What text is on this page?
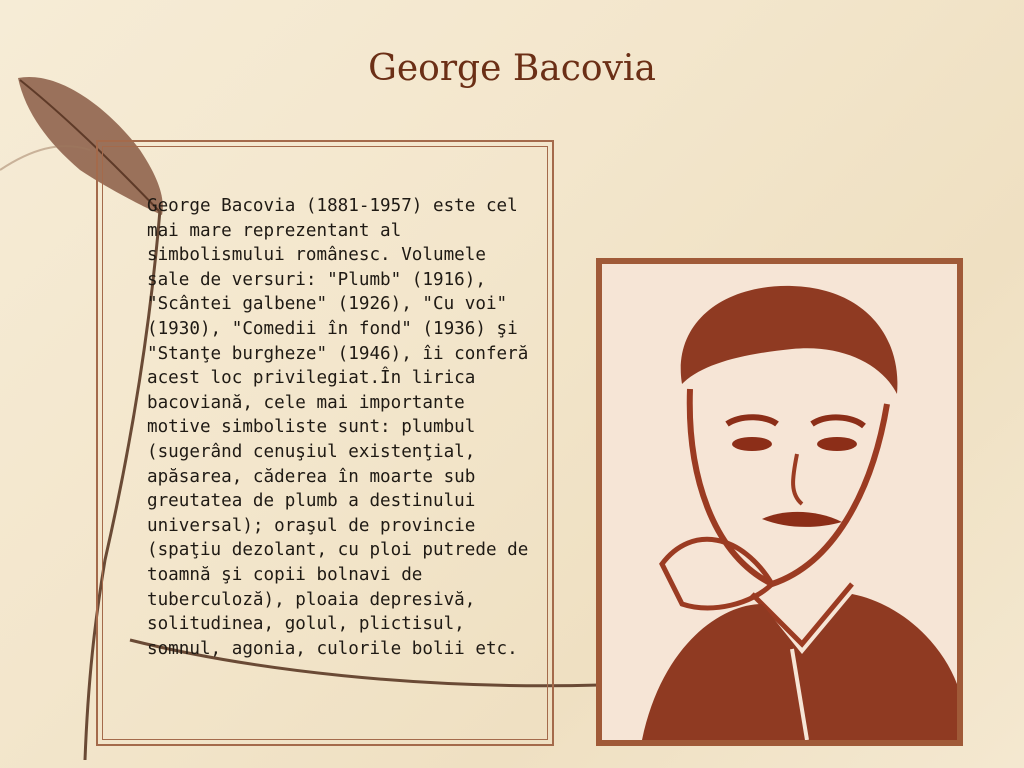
George Bacovia

George Bacovia (1881-1957) este cel mai mare reprezentant al simbolismului românesc. Volumele sale de versuri: "Plumb" (1916), "Scântei galbene" (1926), "Cu voi" (1930), "Comedii în fond" (1936) şi "Stanţe burgheze" (1946), îi conferă acest loc privilegiat.În lirica bacoviană, cele mai importante motive simboliste sunt: plumbul (sugerând cenuşiul existenţial, apăsarea, căderea în moarte sub greutatea de plumb a destinului universal); oraşul de provincie (spaţiu dezolant, cu ploi putrede de toamnă şi copii bolnavi de tuberculoză), ploaia depresivă, solitudinea, golul, plictisul, somnul, agonia, culorile bolii etc.
